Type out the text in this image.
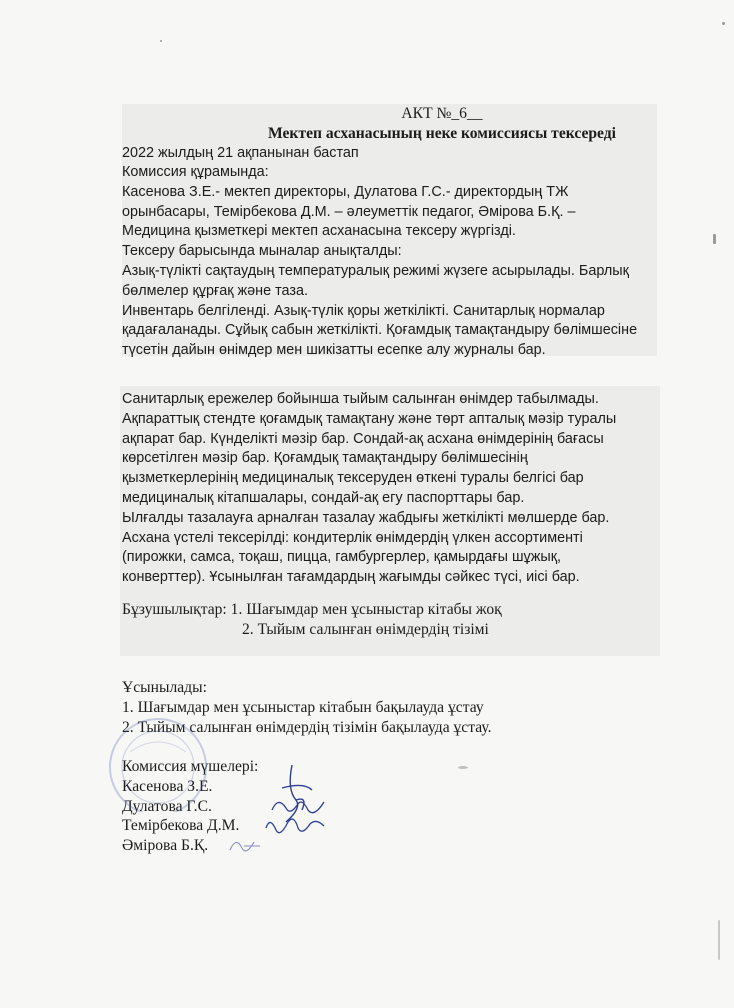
АКТ №_6__
Мектеп асханасының неке комиссиясы тексереді
2022 жылдың 21 ақпанынан бастап
Комиссия құрамында:
Касенова З.Е.- мектеп директоры, Дулатова Г.С.- директордың ТЖ
орынбасары, Темірбекова Д.М. – әлеуметтік педагог, Әмірова Б.Қ. –
Медицина қызметкері мектеп асханасына тексеру жүргізді.
Тексеру барысында мыналар анықталды:
Азық-түлікті сақтаудың температуралық режимі жүзеге асырылады. Барлық
бөлмелер құрғақ және таза.
Инвентарь белгіленді. Азық-түлік қоры жеткілікті. Санитарлық нормалар
қадағаланады. Сұйық сабын жеткілікті. Қоғамдық тамақтандыру бөлімшесіне
түсетін дайын өнімдер мен шикізатты есепке алу журналы бар.
Санитарлық ережелер бойынша тыйым салынған өнімдер табылмады.
Ақпараттық стендте қоғамдық тамақтану және төрт апталық мәзір туралы
ақпарат бар. Күнделікті мәзір бар. Сондай-ақ асхана өнімдерінің бағасы
көрсетілген мәзір бар. Қоғамдық тамақтандыру бөлімшесінің
қызметкерлерінің медициналық тексеруден өткені туралы белгісі бар
медициналық кітапшалары, сондай-ақ егу паспорттары бар.
Ылғалды тазалауға арналған тазалау жабдығы жеткілікті мөлшерде бар.
Асхана үстелі тексерілді: кондитерлік өнімдердің үлкен ассортименті
(пирожки, самса, тоқаш, пицца, гамбургерлер, қамырдағы шұжық,
конверттер). Ұсынылған тағамдардың жағымды сәйкес түсі, иісі бар.
Бұзушылықтар: 1. Шағымдар мен ұсыныстар кітабы жоқ
2. Тыйым салынған өнімдердің тізімі
Ұсынылады:
1. Шағымдар мен ұсыныстар кітабын бақылауда ұстау
2. Тыйым салынған өнімдердің тізімін бақылауда ұстау.
Комиссия мүшелері:
Касенова З.Е.
Дулатова Г.С.
Темірбекова Д.М.
Әмірова Б.Қ.
